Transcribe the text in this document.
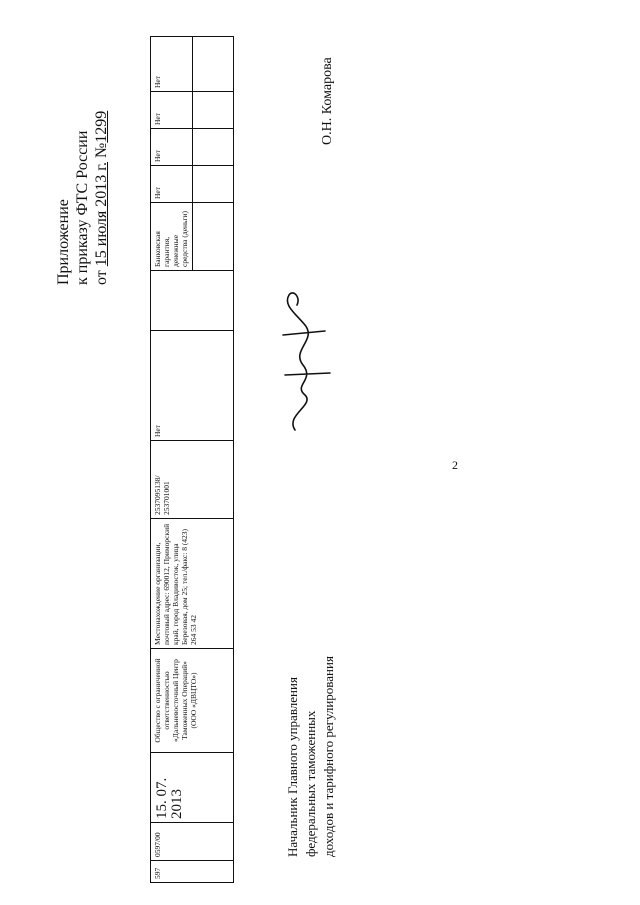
2
Приложение к приказу ФТС России от 15 июля 2013 г. №1299
597
0597/00
15. 07. 2013
Общество с ограниченной ответственностью «Дальневосточный Центр Таможенных Операций» (ООО «ДВЦТО»)
Местонахождение организации, почтовый адрес: 690012, Приморский край, город Владивосток, улица Березовая, дом 25; тел./факс: 8 (423) 264 53 42
2537095138/ 253701001
Нет
Банковская гарантия, денежные средства (деньги)
Нет
Нет
Нет
Нет
Начальник Главного управления федеральных таможенных доходов и тарифного регулирования
О.Н. Комарова
